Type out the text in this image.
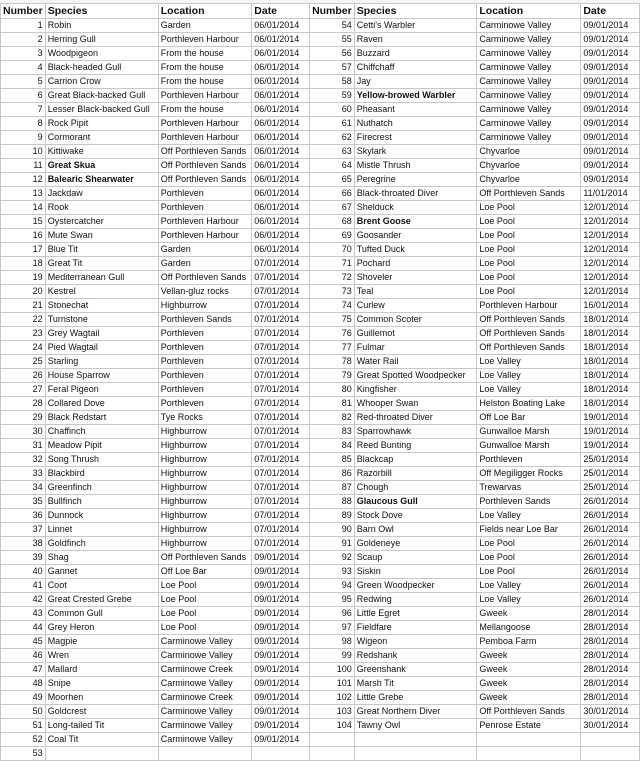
Number	Species	Location	Date	Number	Species	Location	Date
1	Robin	Garden	06/01/2014	54	Cetti's Warbler	Carminowe Valley	09/01/2014
2	Herring Gull	Porthleven Harbour	06/01/2014	55	Raven	Carminowe Valley	09/01/2014
3	Woodpigeon	From the house	06/01/2014	56	Buzzard	Carminowe Valley	09/01/2014
4	Black-headed Gull	From the house	06/01/2014	57	Chiffchaff	Carminowe Valley	09/01/2014
5	Carrion Crow	From the house	06/01/2014	58	Jay	Carminowe Valley	09/01/2014
6	Great Black-backed Gull	Porthleven Harbour	06/01/2014	59	Yellow-browed Warbler	Carminowe Valley	09/01/2014
7	Lesser Black-backed Gull	From the house	06/01/2014	60	Pheasant	Carminowe Valley	09/01/2014
8	Rock Pipit	Porthleven Harbour	06/01/2014	61	Nuthatch	Carminowe Valley	09/01/2014
9	Cormorant	Porthleven Harbour	06/01/2014	62	Firecrest	Carminowe Valley	09/01/2014
10	Kittiwake	Off Porthleven Sands	06/01/2014	63	Skylark	Chyvarloe	09/01/2014
11	Great Skua	Off Porthleven Sands	06/01/2014	64	Mistle Thrush	Chyvarloe	09/01/2014
12	Balearic Shearwater	Off Porthleven Sands	06/01/2014	65	Peregrine	Chyvarloe	09/01/2014
13	Jackdaw	Porthleven	06/01/2014	66	Black-throated Diver	Off Porthleven Sands	11/01/2014
14	Rook	Porthleven	06/01/2014	67	Shelduck	Loe Pool	12/01/2014
15	Oystercatcher	Porthleven Harbour	06/01/2014	68	Brent Goose	Loe Pool	12/01/2014
16	Mute Swan	Porthleven Harbour	06/01/2014	69	Goosander	Loe Pool	12/01/2014
17	Blue Tit	Garden	06/01/2014	70	Tufted Duck	Loe Pool	12/01/2014
18	Great Tit	Garden	07/01/2014	71	Pochard	Loe Pool	12/01/2014
19	Mediterranean Gull	Off Porthleven Sands	07/01/2014	72	Shoveler	Loe Pool	12/01/2014
20	Kestrel	Vellan-gluz rocks	07/01/2014	73	Teal	Loe Pool	12/01/2014
21	Stonechat	Highburrow	07/01/2014	74	Curlew	Porthleven Harbour	16/01/2014
22	Turnstone	Porthleven Sands	07/01/2014	75	Common Scoter	Off Porthleven Sands	18/01/2014
23	Grey Wagtail	Porthleven	07/01/2014	76	Guillemot	Off Porthleven Sands	18/01/2014
24	Pied Wagtail	Porthleven	07/01/2014	77	Fulmar	Off Porthleven Sands	18/01/2014
25	Starling	Porthleven	07/01/2014	78	Water Rail	Loe Valley	18/01/2014
26	House Sparrow	Porthleven	07/01/2014	79	Great Spotted Woodpecker	Loe Valley	18/01/2014
27	Feral Pigeon	Porthleven	07/01/2014	80	Kingfisher	Loe Valley	18/01/2014
28	Collared Dove	Porthleven	07/01/2014	81	Whooper Swan	Helston Boating Lake	18/01/2014
29	Black Redstart	Tye Rocks	07/01/2014	82	Red-throated Diver	Off Loe Bar	19/01/2014
30	Chaffinch	Highburrow	07/01/2014	83	Sparrowhawk	Gunwalloe Marsh	19/01/2014
31	Meadow Pipit	Highburrow	07/01/2014	84	Reed Bunting	Gunwalloe Marsh	19/01/2014
32	Song Thrush	Highburrow	07/01/2014	85	Blackcap	Porthleven	25/01/2014
33	Blackbird	Highburrow	07/01/2014	86	Razorbill	Off Megiligger Rocks	25/01/2014
34	Greenfinch	Highburrow	07/01/2014	87	Chough	Trewarvas	25/01/2014
35	Bullfinch	Highburrow	07/01/2014	88	Glaucous Gull	Porthleven Sands	26/01/2014
36	Dunnock	Highburrow	07/01/2014	89	Stock Dove	Loe Valley	26/01/2014
37	Linnet	Highburrow	07/01/2014	90	Barn Owl	Fields near Loe Bar	26/01/2014
38	Goldfinch	Highburrow	07/01/2014	91	Goldeneye	Loe Pool	26/01/2014
39	Shag	Off Porthleven Sands	09/01/2014	92	Scaup	Loe Pool	26/01/2014
40	Gannet	Off Loe Bar	09/01/2014	93	Siskin	Loe Pool	26/01/2014
41	Coot	Loe Pool	09/01/2014	94	Green Woodpecker	Loe Valley	26/01/2014
42	Great Crested Grebe	Loe Pool	09/01/2014	95	Redwing	Loe Valley	26/01/2014
43	Common Gull	Loe Pool	09/01/2014	96	Little Egret	Gweek	28/01/2014
44	Grey Heron	Loe Pool	09/01/2014	97	Fieldfare	Mellangoose	28/01/2014
45	Magpie	Carminowe Valley	09/01/2014	98	Wigeon	Pemboa Farm	28/01/2014
46	Wren	Carminowe Valley	09/01/2014	99	Redshank	Gweek	28/01/2014
47	Mallard	Carminowe Creek	09/01/2014	100	Greenshank	Gweek	28/01/2014
48	Snipe	Carminowe Valley	09/01/2014	101	Marsh Tit	Gweek	28/01/2014
49	Moorhen	Carminowe Creek	09/01/2014	102	Little Grebe	Gweek	28/01/2014
50	Goldcrest	Carminowe Valley	09/01/2014	103	Great Northern Diver	Off Porthleven Sands	30/01/2014
51	Long-tailed Tit	Carminowe Valley	09/01/2014	104	Tawny Owl	Penrose Estate	30/01/2014
52	Coal Tit	Carminowe Valley	09/01/2014				
53							
